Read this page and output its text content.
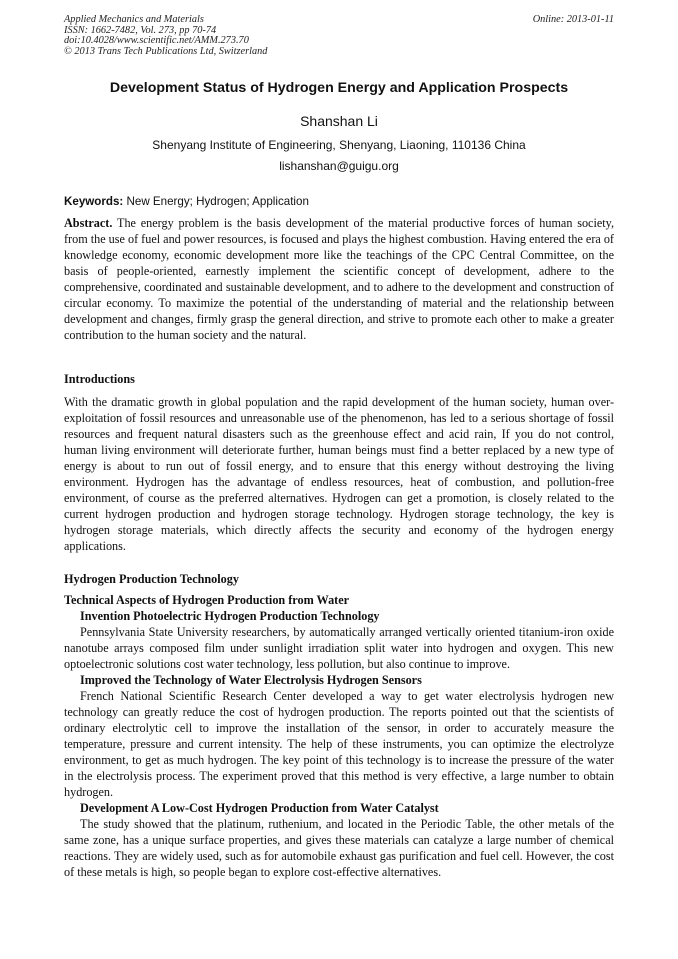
Applied Mechanics and Materials
ISSN: 1662-7482, Vol. 273, pp 70-74
doi:10.4028/www.scientific.net/AMM.273.70
© 2013 Trans Tech Publications Ltd, Switzerland
Online: 2013-01-11
Development Status of Hydrogen Energy and Application Prospects
Shanshan Li
Shenyang Institute of Engineering, Shenyang, Liaoning, 110136 China
lishanshan@guigu.org
Keywords: New Energy; Hydrogen; Application
Abstract. The energy problem is the basis development of the material productive forces of human society, from the use of fuel and power resources, is focused and plays the highest combustion. Having entered the era of knowledge economy, economic development more like the teachings of the CPC Central Committee, on the basis of people-oriented, earnestly implement the scientific concept of development, adhere to the comprehensive, coordinated and sustainable development, and to adhere to the development and construction of circular economy. To maximize the potential of the understanding of material and the relationship between development and changes, firmly grasp the general direction, and strive to promote each other to make a greater contribution to the human society and the natural.
Introductions
With the dramatic growth in global population and the rapid development of the human society, human over-exploitation of fossil resources and unreasonable use of the phenomenon, has led to a serious shortage of fossil resources and frequent natural disasters such as the greenhouse effect and acid rain, If you do not control, human living environment will deteriorate further, human beings must find a better replaced by a new type of energy is about to run out of fossil energy, and to ensure that this energy without destroying the living environment. Hydrogen has the advantage of endless resources, heat of combustion, and pollution-free environment, of course as the preferred alternatives. Hydrogen can get a promotion, is closely related to the current hydrogen production and hydrogen storage technology. Hydrogen storage technology, the key is hydrogen storage materials, which directly affects the security and economy of the hydrogen energy applications.
Hydrogen Production Technology
Technical Aspects of Hydrogen Production from Water
Invention Photoelectric Hydrogen Production Technology
Pennsylvania State University researchers, by automatically arranged vertically oriented titanium-iron oxide nanotube arrays composed film under sunlight irradiation split water into hydrogen and oxygen. This new optoelectronic solutions cost water technology, less pollution, but also continue to improve.
Improved the Technology of Water Electrolysis Hydrogen Sensors
French National Scientific Research Center developed a way to get water electrolysis hydrogen new technology can greatly reduce the cost of hydrogen production. The reports pointed out that the scientists of ordinary electrolytic cell to improve the installation of the sensor, in order to accurately measure the temperature, pressure and current intensity. The help of these instruments, you can optimize the electrolyze environment, to get as much hydrogen. The key point of this technology is to increase the pressure of the water in the electrolysis process. The experiment proved that this method is very effective, a large number to obtain hydrogen.
Development A Low-Cost Hydrogen Production from Water Catalyst
The study showed that the platinum, ruthenium, and located in the Periodic Table, the other metals of the same zone, has a unique surface properties, and gives these materials can catalyze a large number of chemical reactions. They are widely used, such as for automobile exhaust gas purification and fuel cell. However, the cost of these metals is high, so people began to explore cost-effective alternatives.
